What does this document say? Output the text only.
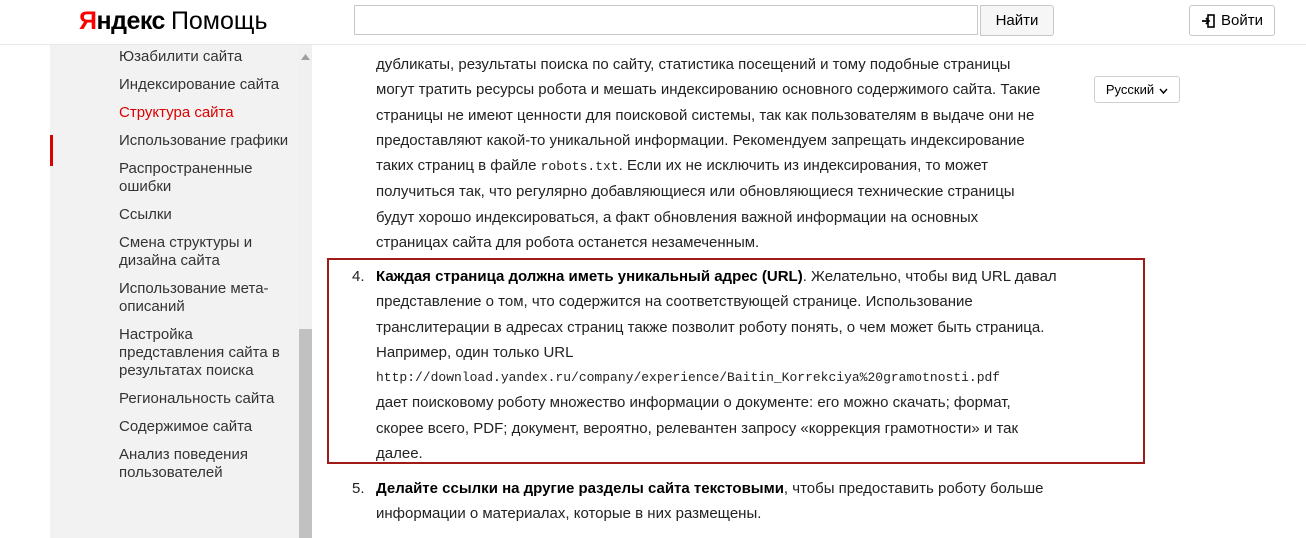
Яндекс Помощь	Найти	Войти
Юзабилити сайта
Индексирование сайта
Структура сайта
Использование графики
Распространенные ошибки
Ссылки
Смена структуры и дизайна сайта
Использование мета-описаний
Настройка представления сайта в результатах поиска
Региональность сайта
Содержимое сайта
Анализ поведения пользователей
Русский
дубликаты, результаты поиска по сайту, статистика посещений и тому подобные страницы
могут тратить ресурсы робота и мешать индексированию основного содержимого сайта. Такие
страницы не имеют ценности для поисковой системы, так как пользователям в выдаче они не
предоставляют какой-то уникальной информации. Рекомендуем запрещать индексирование
таких страниц в файле robots.txt. Если их не исключить из индексирования, то может
получиться так, что регулярно добавляющиеся или обновляющиеся технические страницы
будут хорошо индексироваться, а факт обновления важной информации на основных
страницах сайта для робота останется незамеченным.
4. Каждая страница должна иметь уникальный адрес (URL). Желательно, чтобы вид URL давал
представление о том, что содержится на соответствующей странице. Использование
транслитерации в адресах страниц также позволит роботу понять, о чем может быть страница.
Например, один только URL
http://download.yandex.ru/company/experience/Baitin_Korrekciya%20gramotnosti.pdf
дает поисковому роботу множество информации о документе: его можно скачать; формат,
скорее всего, PDF; документ, вероятно, релевантен запросу «коррекция грамотности» и так
далее.
5. Делайте ссылки на другие разделы сайта текстовыми, чтобы предоставить роботу больше
информации о материалах, которые в них размещены.
